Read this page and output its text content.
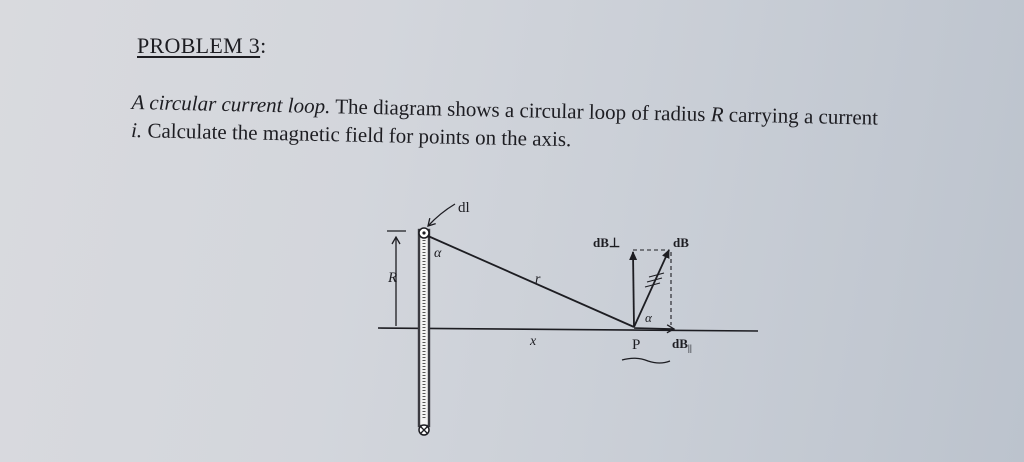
PROBLEM 3:
A circular current loop. The diagram shows a circular loop of radius R carrying a current
i. Calculate the magnetic field for points on the axis.
dl
α
R	r
x	P
α
dB⊥	dB
$dB_{||}$
